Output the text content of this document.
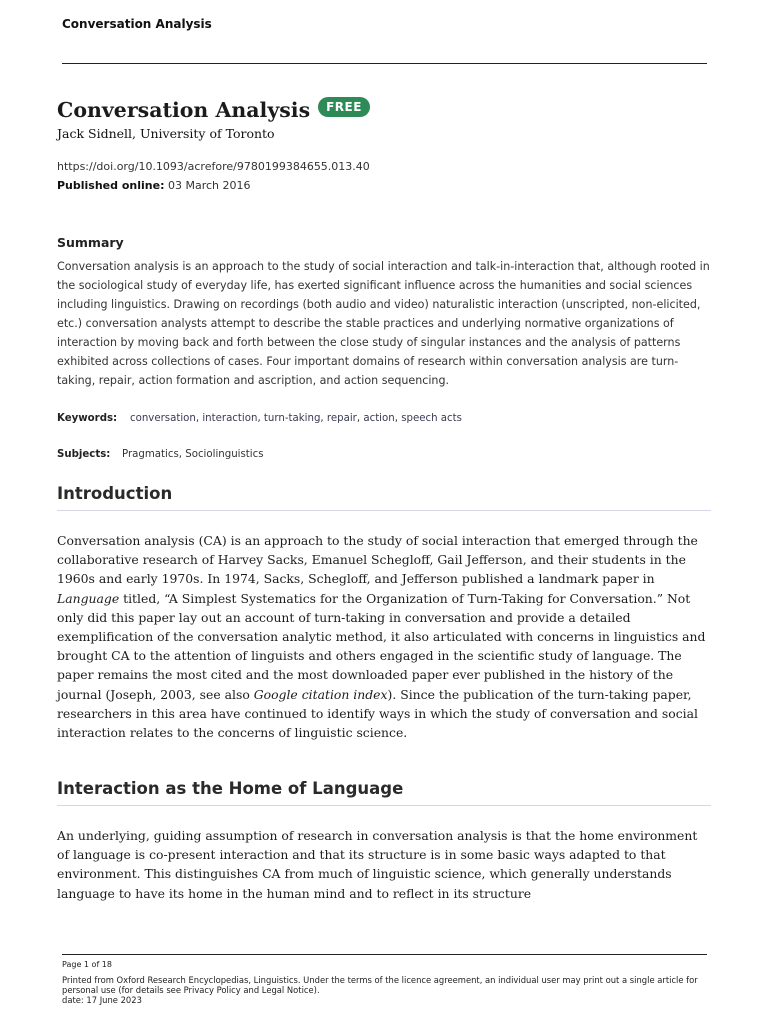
Conversation Analysis
Conversation Analysis	FREE
Jack Sidnell, University of Toronto
https://doi.org/10.1093/acrefore/9780199384655.013.40
Published online: 03 March 2016
Summary
Conversation analysis is an approach to the study of social interaction and talk-in-interaction that, although rooted in the sociological study of everyday life, has exerted significant influence across the humanities and social sciences including linguistics. Drawing on recordings (both audio and video) naturalistic interaction (unscripted, non-elicited, etc.) conversation analysts attempt to describe the stable practices and underlying normative organizations of interaction by moving back and forth between the close study of singular instances and the analysis of patterns exhibited across collections of cases. Four important domains of research within conversation analysis are turn-taking, repair, action formation and ascription, and action sequencing.
Keywords: conversation, interaction, turn-taking, repair, action, speech acts
Subjects: Pragmatics, Sociolinguistics
Introduction
Conversation analysis (CA) is an approach to the study of social interaction that emerged through the collaborative research of Harvey Sacks, Emanuel Schegloff, Gail Jefferson, and their students in the 1960s and early 1970s. In 1974, Sacks, Schegloff, and Jefferson published a landmark paper in Language titled, “A Simplest Systematics for the Organization of Turn-Taking for Conversation.” Not only did this paper lay out an account of turn-taking in conversation and provide a detailed exemplification of the conversation analytic method, it also articulated with concerns in linguistics and brought CA to the attention of linguists and others engaged in the scientific study of language. The paper remains the most cited and the most downloaded paper ever published in the history of the journal (Joseph, 2003, see also Google citation index). Since the publication of the turn-taking paper, researchers in this area have continued to identify ways in which the study of conversation and social interaction relates to the concerns of linguistic science.
Interaction as the Home of Language
An underlying, guiding assumption of research in conversation analysis is that the home environment of language is co-present interaction and that its structure is in some basic ways adapted to that environment. This distinguishes CA from much of linguistic science, which generally understands language to have its home in the human mind and to reflect in its structure
Page 1 of 18
Printed from Oxford Research Encyclopedias, Linguistics. Under the terms of the licence agreement, an individual user may print out a single article for personal use (for details see Privacy Policy and Legal Notice).
date: 17 June 2023
